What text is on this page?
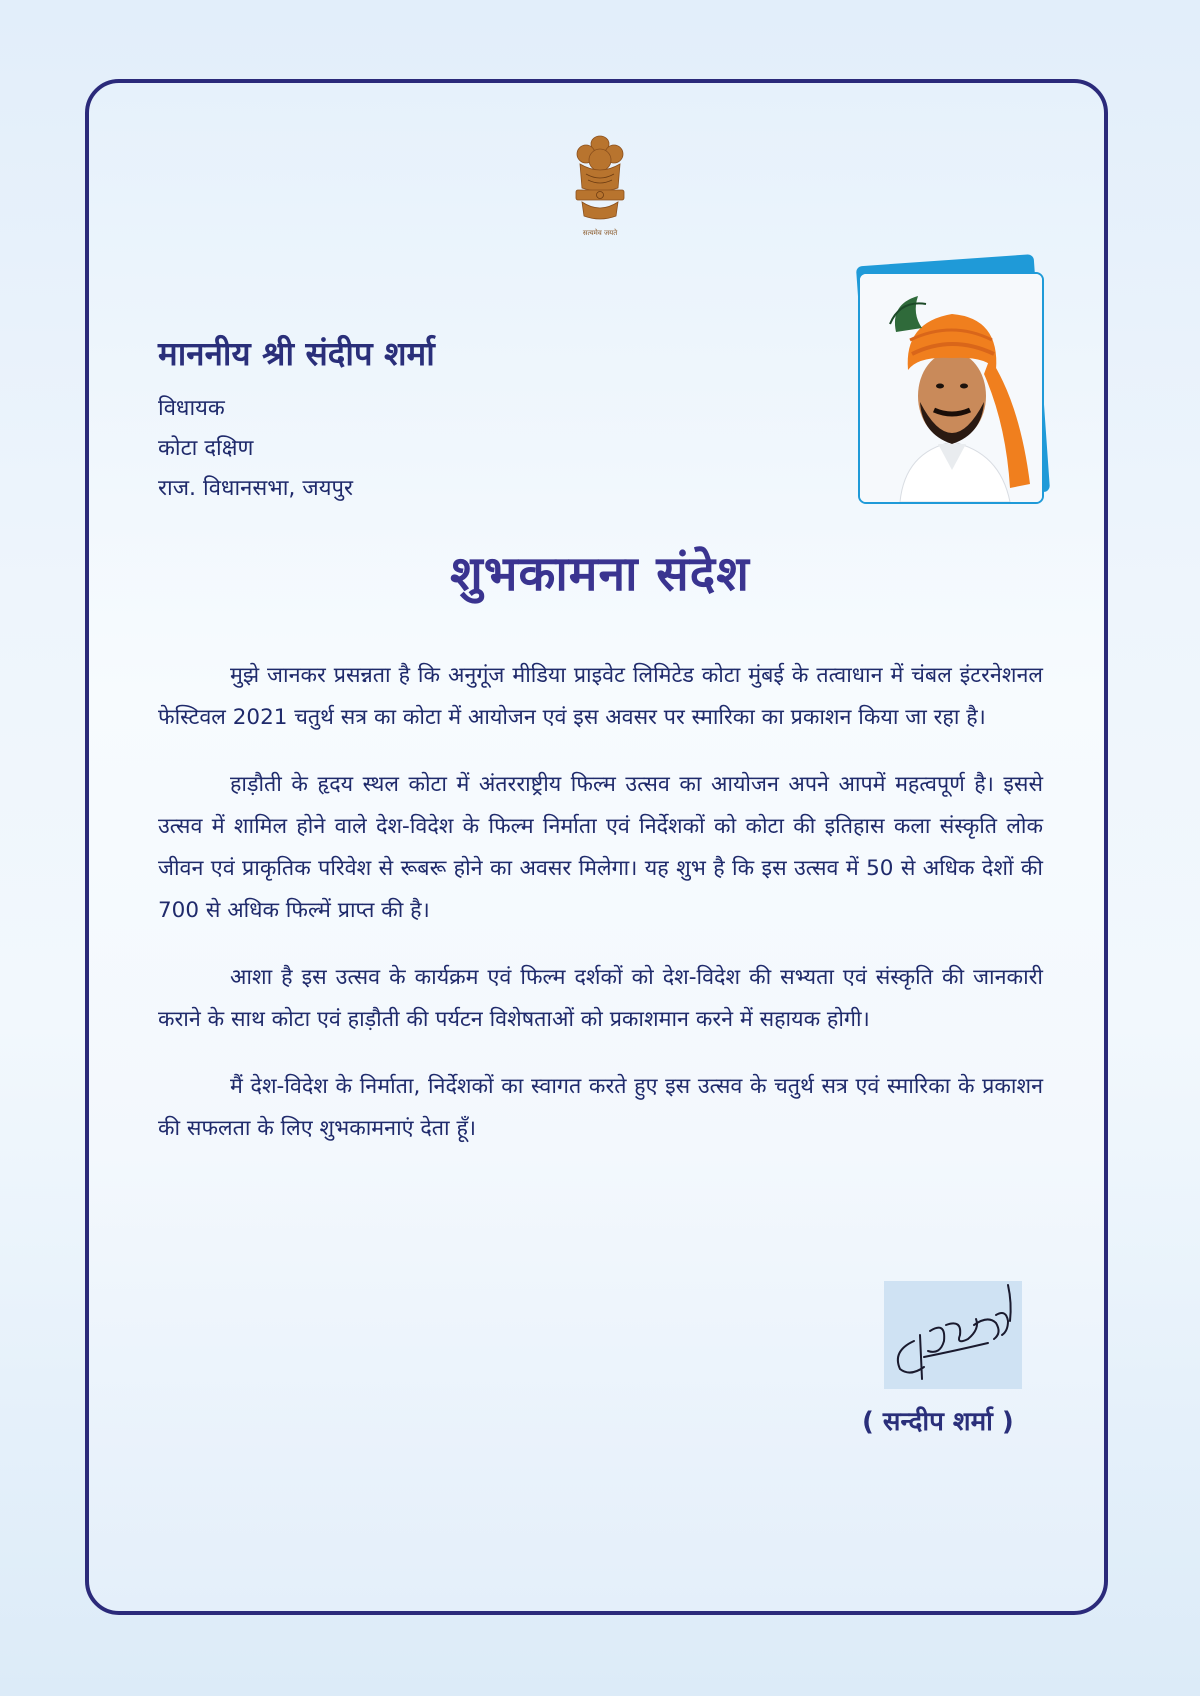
सत्यमेव जयते
माननीय श्री संदीप शर्मा
विधायक
कोटा दक्षिण
राज. विधानसभा, जयपुर
शुभकामना संदेश

मुझे जानकर प्रसन्नता है कि अनुगूंज मीडिया प्राइवेट लिमिटेड कोटा मुंबई के तत्वाधान में चंबल इंटरनेशनल फेस्टिवल 2021 चतुर्थ सत्र का कोटा में आयोजन एवं इस अवसर पर स्मारिका का प्रकाशन किया जा रहा है।

हाड़ौती के हृदय स्थल कोटा में अंतरराष्ट्रीय फिल्म उत्सव का आयोजन अपने आपमें महत्वपूर्ण है। इससे उत्सव में शामिल होने वाले देश-विदेश के फिल्म निर्माता एवं निर्देशकों को कोटा की इतिहास कला संस्कृति लोक जीवन एवं प्राकृतिक परिवेश से रूबरू होने का अवसर मिलेगा। यह शुभ है कि इस उत्सव में 50 से अधिक देशों की 700 से अधिक फिल्में प्राप्त की है।

आशा है इस उत्सव के कार्यक्रम एवं फिल्म दर्शकों को देश-विदेश की सभ्यता एवं संस्कृति की जानकारी कराने के साथ कोटा एवं हाड़ौती की पर्यटन विशेषताओं को प्रकाशमान करने में सहायक होगी।

मैं देश-विदेश के निर्माता, निर्देशकों का स्वागत करते हुए इस उत्सव के चतुर्थ सत्र एवं स्मारिका के प्रकाशन की सफलता के लिए शुभकामनाएं देता हूँ।

( सन्दीप शर्मा )
